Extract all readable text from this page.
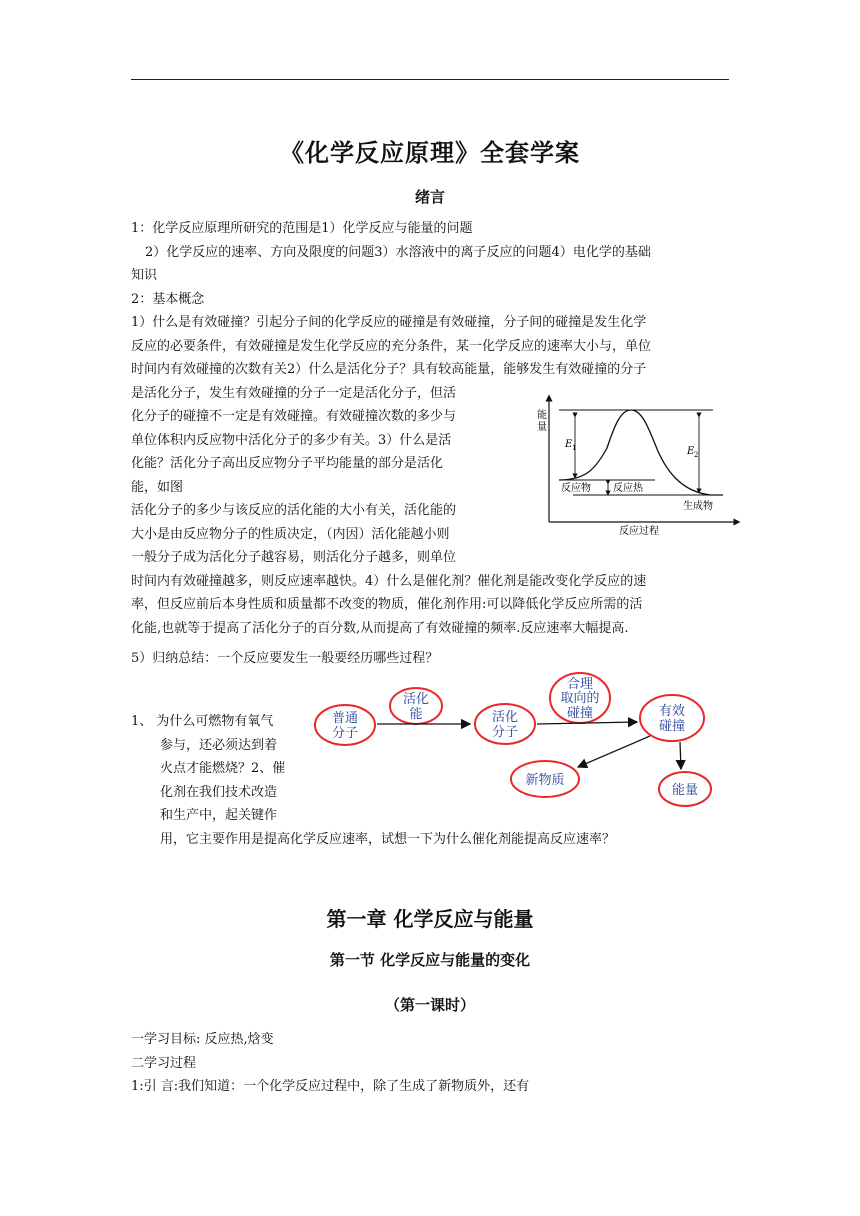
《化学反应原理》全套学案
绪言
1：化学反应原理所研究的范围是1）化学反应与能量的问题
2）化学反应的速率、方向及限度的问题3）水溶液中的离子反应的问题4）电化学的基础
知识
2：基本概念
1）什么是有效碰撞？引起分子间的化学反应的碰撞是有效碰撞，分子间的碰撞是发生化学
反应的必要条件，有效碰撞是发生化学反应的充分条件，某一化学反应的速率大小与，单位
时间内有效碰撞的次数有关2）什么是活化分子？具有较高能量，能够发生有效碰撞的分子
是活化分子，发生有效碰撞的分子一定是活化分子，但活
化分子的碰撞不一定是有效碰撞。有效碰撞次数的多少与
单位体积内反应物中活化分子的多少有关。3）什么是活
化能？活化分子高出反应物分子平均能量的部分是活化
能，如图
活化分子的多少与该反应的活化能的大小有关，活化能的
大小是由反应物分子的性质决定，（内因）活化能越小则
一般分子成为活化分子越容易，则活化分子越多，则单位
时间内有效碰撞越多，则反应速率越快。4）什么是催化剂？催化剂是能改变化学反应的速
率，但反应前后本身性质和质量都不改变的物质，催化剂作用:可以降低化学反应所需的活
化能,也就等于提高了活化分子的百分数,从而提高了有效碰撞的频率.反应速率大幅提高.
能
量
E 1	E 2
反应物 反应热
生成物
反应过程
5）归纳总结：一个反应要发生一般要经历哪些过程？
1、 为什么可燃物有氧气
参与，还必须达到着
火点才能燃烧？2、催
化剂在我们技术改造
和生产中，起关键作
用，它主要作用是提高化学反应速率，试想一下为什么催化剂能提高反应速率？
普通
分子
活化
能	活化
分子
合理
取向的
碰撞	有效
碰撞
新物质
能量
第一章 化学反应与能量
第一节 化学反应与能量的变化
（第一课时）
一学习目标: 反应热,焓变
二学习过程
1:引 言:我们知道：一个化学反应过程中，除了生成了新物质外，还有
